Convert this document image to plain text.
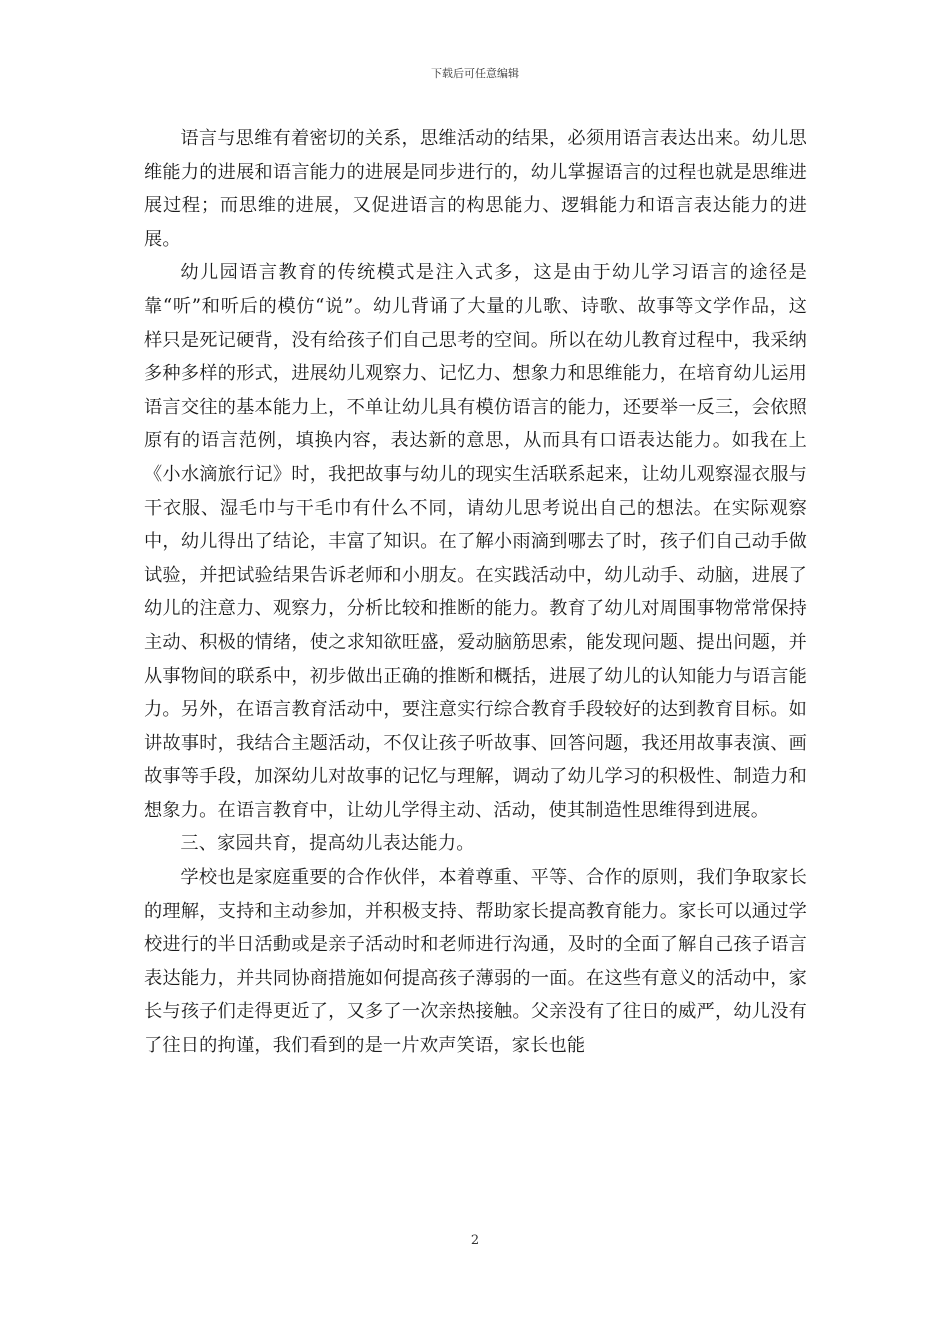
下载后可任意编辑

语言与思维有着密切的关系，思维活动的结果，必须用语言表达出来。幼儿思维能力的进展和语言能力的进展是同步进行的，幼儿掌握语言的过程也就是思维进展过程；而思维的进展，又促进语言的构思能力、逻辑能力和语言表达能力的进展。

幼儿园语言教育的传统模式是注入式多，这是由于幼儿学习语言的途径是靠“听”和听后的模仿“说”。幼儿背诵了大量的儿歌、诗歌、故事等文学作品，这样只是死记硬背，没有给孩子们自己思考的空间。所以在幼儿教育过程中，我采纳多种多样的形式，进展幼儿观察力、记忆力、想象力和思维能力，在培育幼儿运用语言交往的基本能力上，不单让幼儿具有模仿语言的能力，还要举一反三，会依照原有的语言范例，填换内容，表达新的意思，从而具有口语表达能力。如我在上《小水滴旅行记》时，我把故事与幼儿的现实生活联系起来，让幼儿观察湿衣服与干衣服、湿毛巾与干毛巾有什么不同，请幼儿思考说出自己的想法。在实际观察中，幼儿得出了结论，丰富了知识。在了解小雨滴到哪去了时，孩子们自己动手做试验，并把试验结果告诉老师和小朋友。在实践活动中，幼儿动手、动脑，进展了幼儿的注意力、观察力，分析比较和推断的能力。教育了幼儿对周围事物常常保持主动、积极的情绪，使之求知欲旺盛，爱动脑筋思索，能发现问题、提出问题，并从事物间的联系中，初步做出正确的推断和概括，进展了幼儿的认知能力与语言能力。另外，在语言教育活动中，要注意实行综合教育手段较好的达到教育目标。如讲故事时，我结合主题活动，不仅让孩子听故事、回答问题，我还用故事表演、画故事等手段，加深幼儿对故事的记忆与理解，调动了幼儿学习的积极性、制造力和想象力。在语言教育中，让幼儿学得主动、活动，使其制造性思维得到进展。

三、家园共育，提高幼儿表达能力。

学校也是家庭重要的合作伙伴，本着尊重、平等、合作的原则，我们争取家长的理解，支持和主动参加，并积极支持、帮助家长提高教育能力。家长可以通过学校进行的半日活動或是亲子活动时和老师进行沟通，及时的全面了解自己孩子语言表达能力，并共同协商措施如何提高孩子薄弱的一面。在这些有意义的活动中，家长与孩子们走得更近了，又多了一次亲热接触。父亲没有了往日的威严，幼儿没有了往日的拘谨，我们看到的是一片欢声笑语，家长也能

2
